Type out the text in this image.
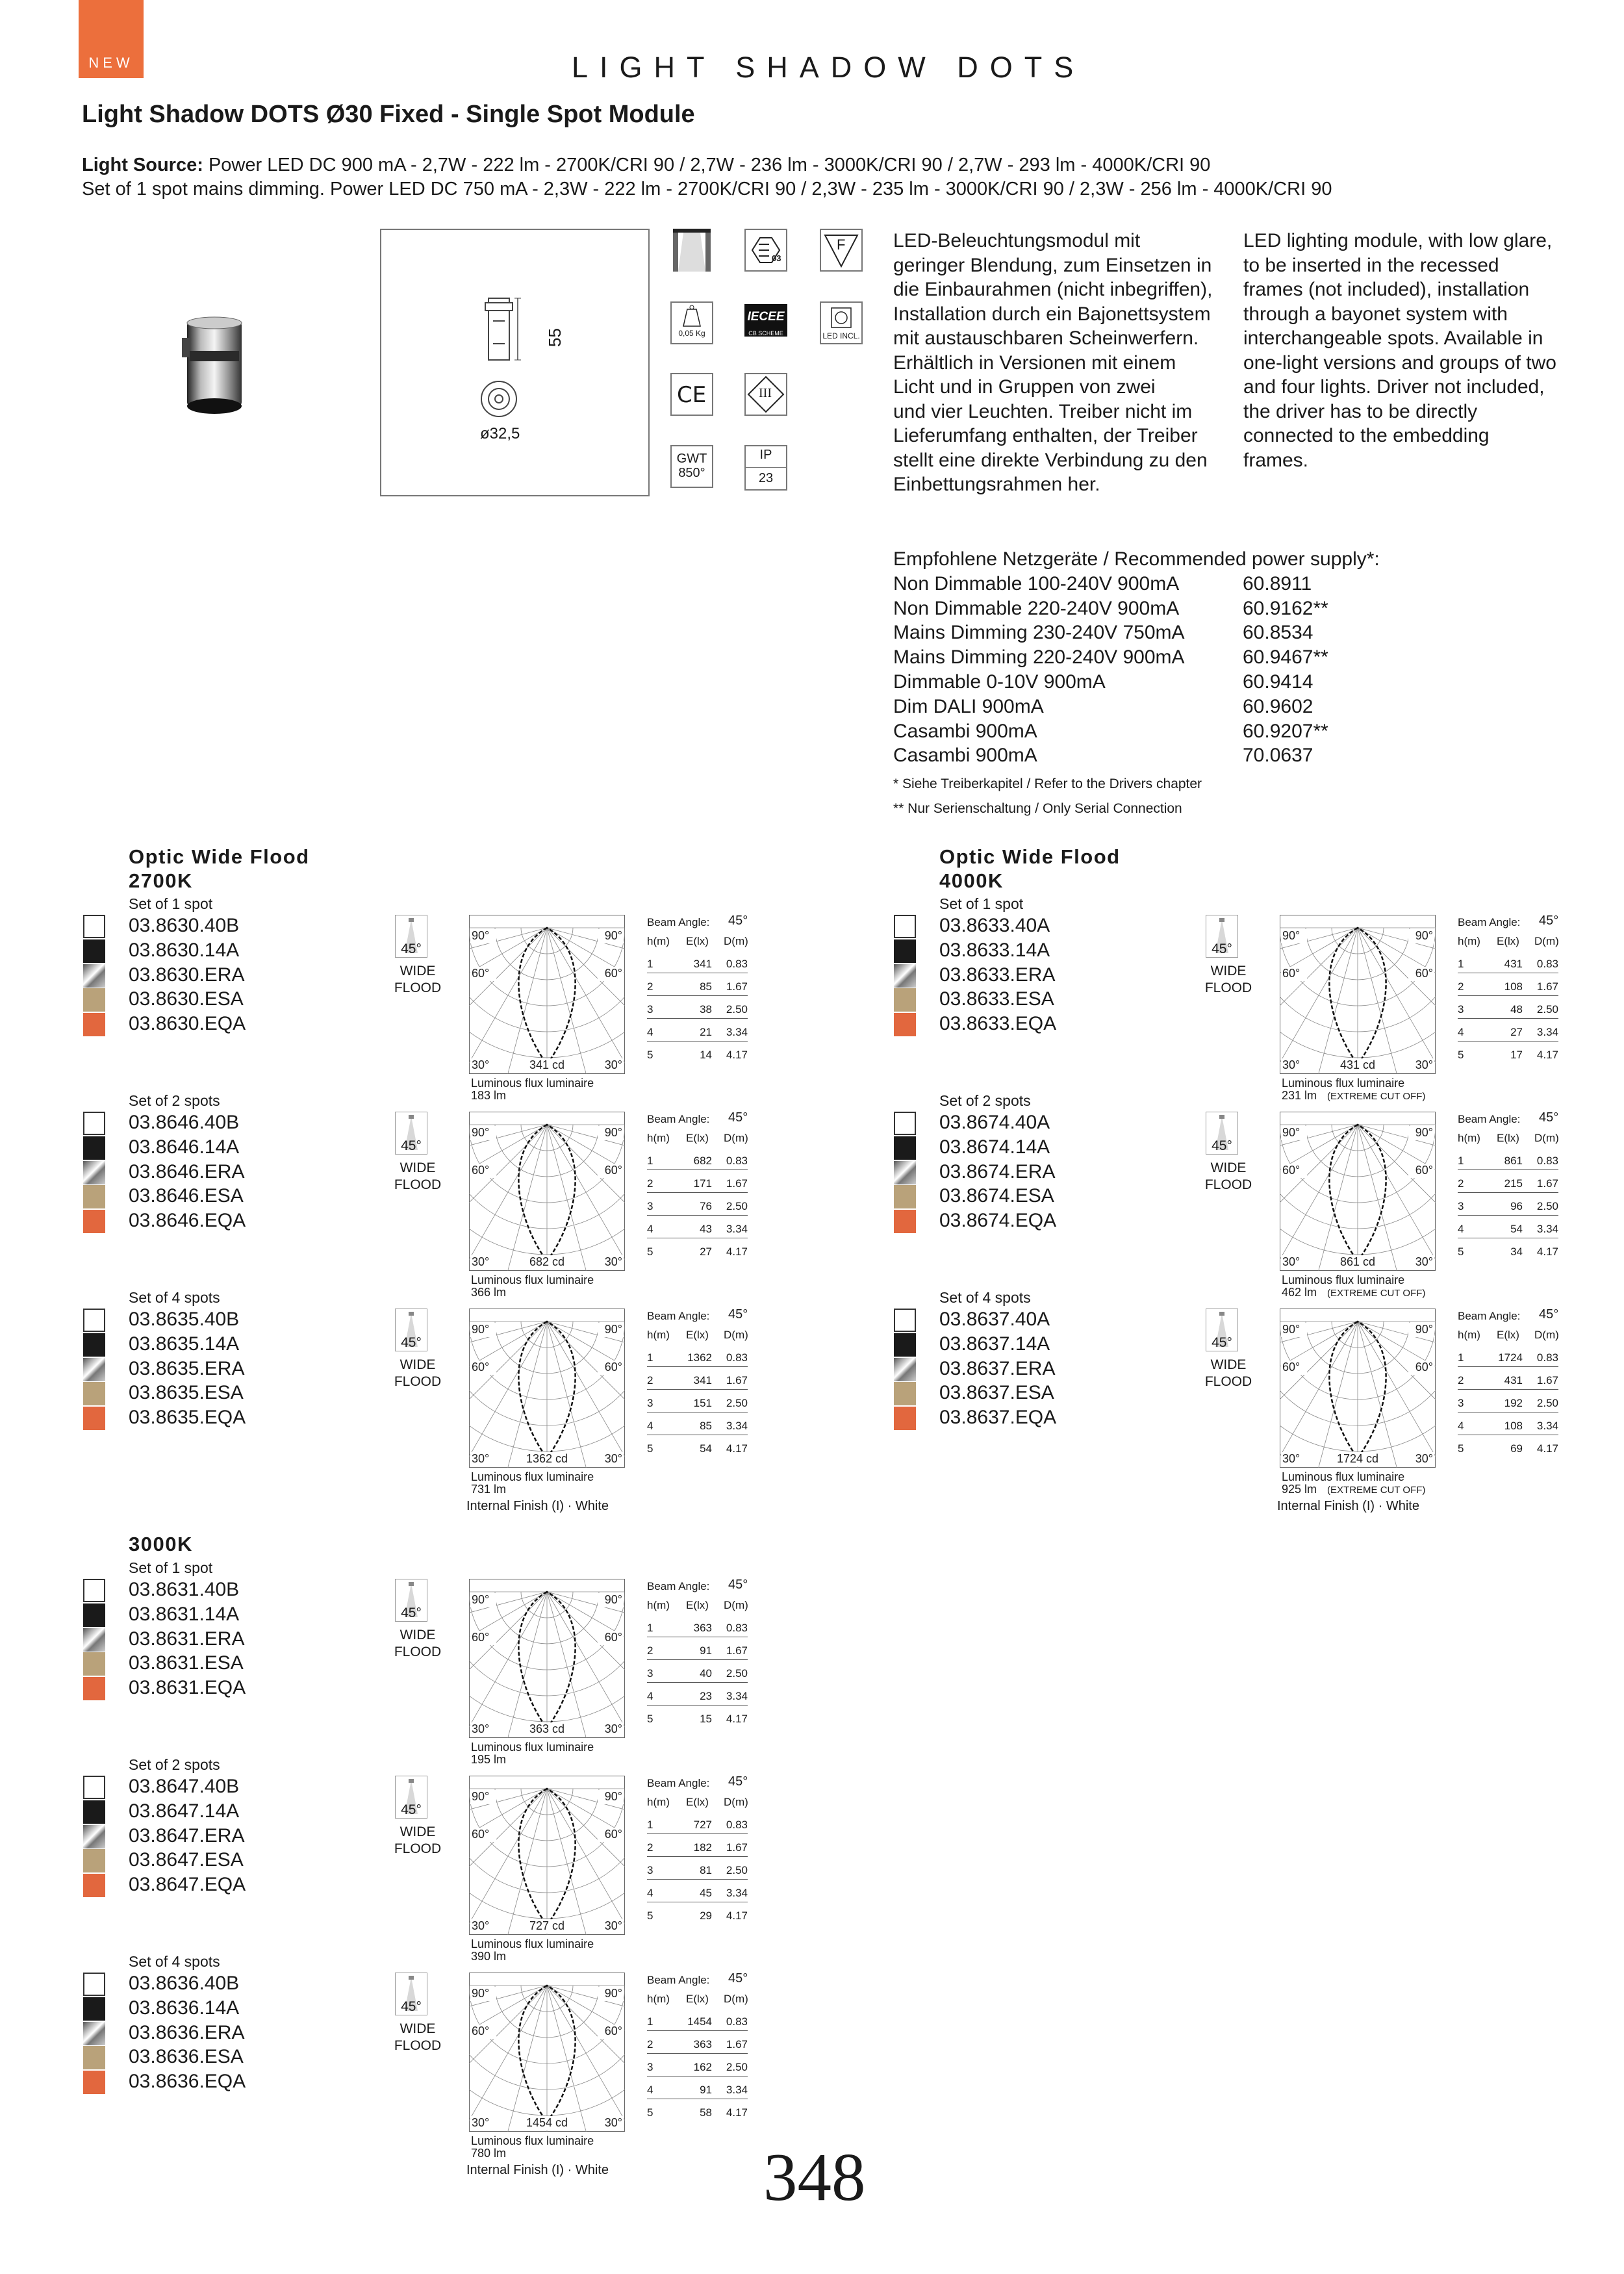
NEW	LIGHT SHADOW DOTS
Light Shadow DOTS Ø30 Fixed - Single Spot Module
Light Source: Power LED DC 900 mA - 2,7W - 222 lm - 2700K/CRI 90 / 2,7W - 236 lm - 3000K/CRI 90 / 2,7W - 293 lm - 4000K/CRI 90
Set of 1 spot mains dimming. Power LED DC 750 mA - 2,3W - 222 lm - 2700K/CRI 90 / 2,3W - 235 lm - 3000K/CRI 90 / 2,3W - 256 lm - 4000K/CRI 90
55
ø32,5
03
F
0,05 Kg
IECEE
CB SCHEME	LED INCL.
CE	III
GWT
850°
IP
23
LED-Beleuchtungsmodul mit
geringer Blendung, zum Einsetzen in
die Einbaurahmen (nicht inbegriffen),
Installation durch ein Bajonettsystem
mit austauschbaren Scheinwerfern.
Erhältlich in Versionen mit einem
Licht und in Gruppen von zwei
und vier Leuchten. Treiber nicht im
Lieferumfang enthalten, der Treiber
stellt eine direkte Verbindung zu den
Einbettungsrahmen her.
LED lighting module, with low glare,
to be inserted in the recessed
frames (not included), installation
through a bayonet system with
interchangeable spots. Available in
one-light versions and groups of two
and four lights. Driver not included,
the driver has to be directly
connected to the embedding
frames.
Empfohlene Netzgeräte / Recommended power supply*:
Non Dimmable 100-240V 900mA	60.8911
Non Dimmable 220-240V 900mA	60.9162**
Mains Dimming 230-240V 750mA	60.8534
Mains Dimming 220-240V 900mA	60.9467**
Dimmable 0-10V 900mA	60.9414
Dim DALI 900mA	60.9602
Casambi 900mA	60.9207**
Casambi 900mA	70.0637
* Siehe Treiberkapitel / Refer to the Drivers chapter
** Nur Serienschaltung / Only Serial Connection
Optic Wide Flood
2700K
Optic Wide Flood
4000K
3000K
Set of 1 spot
03.8630.40B
03.8630.14A
03.8630.ERA
03.8630.ESA
03.8630.EQA
45°
WIDE
FLOOD
90°	90°
60°	60°
30°	30°
341 cd
Luminous flux luminaire
183 lm
Beam Angle: 45°
h(m) E(lx) D(m)
1	341 0.83
2	85 1.67
3	38 2.50
4	21 3.34
5	14 4.17
Set of 2 spots
03.8646.40B
03.8646.14A
03.8646.ERA
03.8646.ESA
03.8646.EQA
45°
WIDE
FLOOD
90°	90°
60°	60°
30°	30°
682 cd
Luminous flux luminaire
366 lm
Beam Angle: 45°
h(m) E(lx) D(m)
1	682 0.83
2	171 1.67
3	76 2.50
4	43 3.34
5	27 4.17
Set of 4 spots
03.8635.40B
03.8635.14A
03.8635.ERA
03.8635.ESA
03.8635.EQA
45°
WIDE
FLOOD
90°	90°
60°	60°
30°	30°
1362 cd
Luminous flux luminaire
731 lm
Internal Finish (I) · White
Beam Angle: 45°
h(m) E(lx) D(m)
1	1362 0.83
2	341 1.67
3	151 2.50
4	85 3.34
5	54 4.17
Set of 1 spot
03.8633.40A
03.8633.14A
03.8633.ERA
03.8633.ESA
03.8633.EQA
45°
WIDE
FLOOD
90°	90°
60°	60°
30°	30°
431 cd
Luminous flux luminaire
231 lm (EXTREME CUT OFF)
Beam Angle: 45°
h(m) E(lx) D(m)
1	431 0.83
2	108 1.67
3	48 2.50
4	27 3.34
5	17 4.17
Set of 2 spots
03.8674.40A
03.8674.14A
03.8674.ERA
03.8674.ESA
03.8674.EQA
45°
WIDE
FLOOD
90°	90°
60°	60°
30°	30°
861 cd
Luminous flux luminaire
462 lm (EXTREME CUT OFF)
Beam Angle: 45°
h(m) E(lx) D(m)
1	861 0.83
2	215 1.67
3	96 2.50
4	54 3.34
5	34 4.17
Set of 4 spots
03.8637.40A
03.8637.14A
03.8637.ERA
03.8637.ESA
03.8637.EQA
45°
WIDE
FLOOD
90°	90°
60°	60°
30°	30°
1724 cd
Luminous flux luminaire
925 lm (EXTREME CUT OFF)
Internal Finish (I) · White
Beam Angle: 45°
h(m) E(lx) D(m)
1	1724 0.83
2	431 1.67
3	192 2.50
4	108 3.34
5	69 4.17
Set of 1 spot
03.8631.40B
03.8631.14A
03.8631.ERA
03.8631.ESA
03.8631.EQA
45°
WIDE
FLOOD
90°	90°
60°	60°
30°	30°
363 cd
Luminous flux luminaire
195 lm
Beam Angle: 45°
h(m) E(lx) D(m)
1	363 0.83
2	91 1.67
3	40 2.50
4	23 3.34
5	15 4.17
Set of 2 spots
03.8647.40B
03.8647.14A
03.8647.ERA
03.8647.ESA
03.8647.EQA
45°
WIDE
FLOOD
90°	90°
60°	60°
30°	30°
727 cd
Luminous flux luminaire
390 lm
Beam Angle: 45°
h(m) E(lx) D(m)
1	727 0.83
2	182 1.67
3	81 2.50
4	45 3.34
5	29 4.17
Set of 4 spots
03.8636.40B
03.8636.14A
03.8636.ERA
03.8636.ESA
03.8636.EQA
45°
WIDE
FLOOD
90°	90°
60°	60°
30°	30°
1454 cd
Luminous flux luminaire
780 lm
Internal Finish (I) · White
Beam Angle: 45°
h(m) E(lx) D(m)
1	1454 0.83
2	363 1.67
3	162 2.50
4	91 3.34
5	58 4.17
348
